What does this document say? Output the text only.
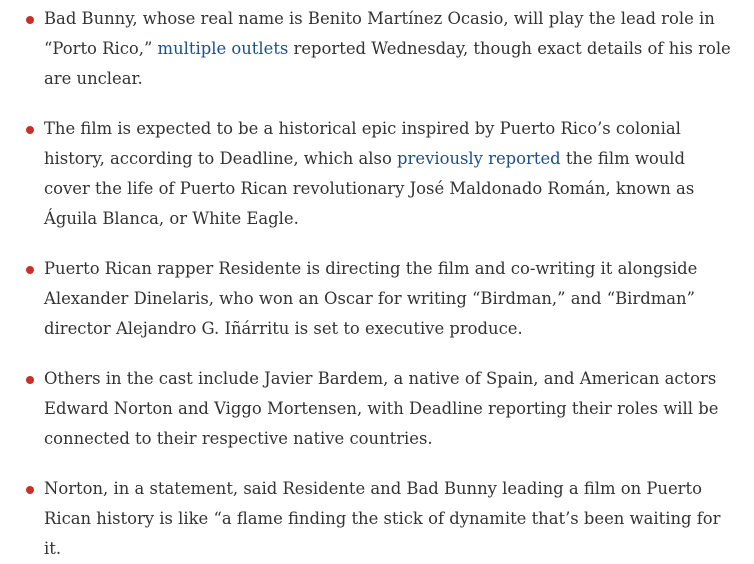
Bad Bunny, whose real name is Benito Martínez Ocasio, will play the lead role in “Porto Rico,” multiple outlets reported Wednesday, though exact details of his role are unclear.
The film is expected to be a historical epic inspired by Puerto Rico’s colonial history, according to Deadline, which also previously reported the film would cover the life of Puerto Rican revolutionary José Maldonado Román, known as Águila Blanca, or White Eagle.
Puerto Rican rapper Residente is directing the film and co-writing it alongside Alexander Dinelaris, who won an Oscar for writing “Birdman,” and “Birdman” director Alejandro G. Iñárritu is set to executive produce.
Others in the cast include Javier Bardem, a native of Spain, and American actors Edward Norton and Viggo Mortensen, with Deadline reporting their roles will be connected to their respective native countries.
Norton, in a statement, said Residente and Bad Bunny leading a film on Puerto Rican history is like “a flame finding the stick of dynamite that’s been waiting for it.
